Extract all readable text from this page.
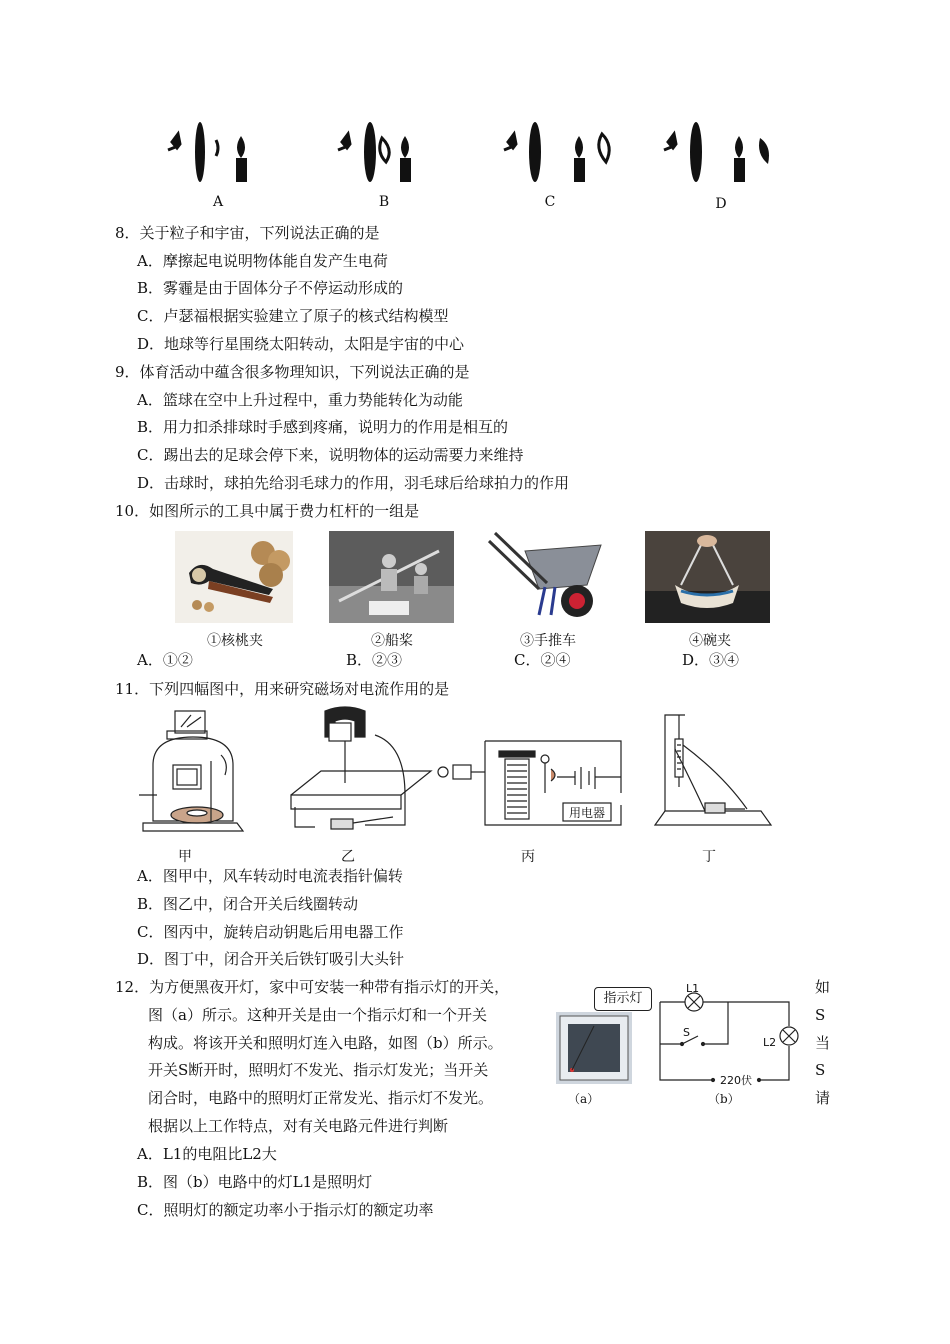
A	B	C	D
8．关于粒子和宇宙，下列说法正确的是
A．摩擦起电说明物体能自发产生电荷
B．雾霾是由于固体分子不停运动形成的
C．卢瑟福根据实验建立了原子的核式结构模型
D．地球等行星围绕太阳转动，太阳是宇宙的中心
9．体育活动中蕴含很多物理知识，下列说法正确的是
A．篮球在空中上升过程中，重力势能转化为动能
B．用力扣杀排球时手感到疼痛，说明力的作用是相互的
C．踢出去的足球会停下来，说明物体的运动需要力来维持
D．击球时，球拍先给羽毛球力的作用，羽毛球后给球拍力的作用
10．如图所示的工具中属于费力杠杆的一组是
①核桃夹	②船桨	③手推车	④碗夹
A．①②	B．②③	C．②④	D．③④
11．下列四幅图中，用来研究磁场对电流作用的是
用电器
甲	乙	丙	丁
A．图甲中，风车转动时电流表指针偏转
B．图乙中，闭合开关后线圈转动
C．图丙中，旋转启动钥匙后用电器工作
D．图丁中，闭合开关后铁钉吸引大头针
12．为方便黑夜开灯，家中可安装一种带有指示灯的开关，
图（a）所示。这种开关是由一个指示灯和一个开关
构成。将该开关和照明灯连入电路，如图（b）所示。
开关S断开时，照明灯不发光、指示灯发光；当开关
闭合时，电路中的照明灯正常发光、指示灯不发光。
根据以上工作特点，对有关电路元件进行判断
如
S
当
S
请
指示灯
（a）
L1
L2
S
220伏
（b）
A．L1的电阻比L2大
B．图（b）电路中的灯L1是照明灯
C．照明灯的额定功率小于指示灯的额定功率
